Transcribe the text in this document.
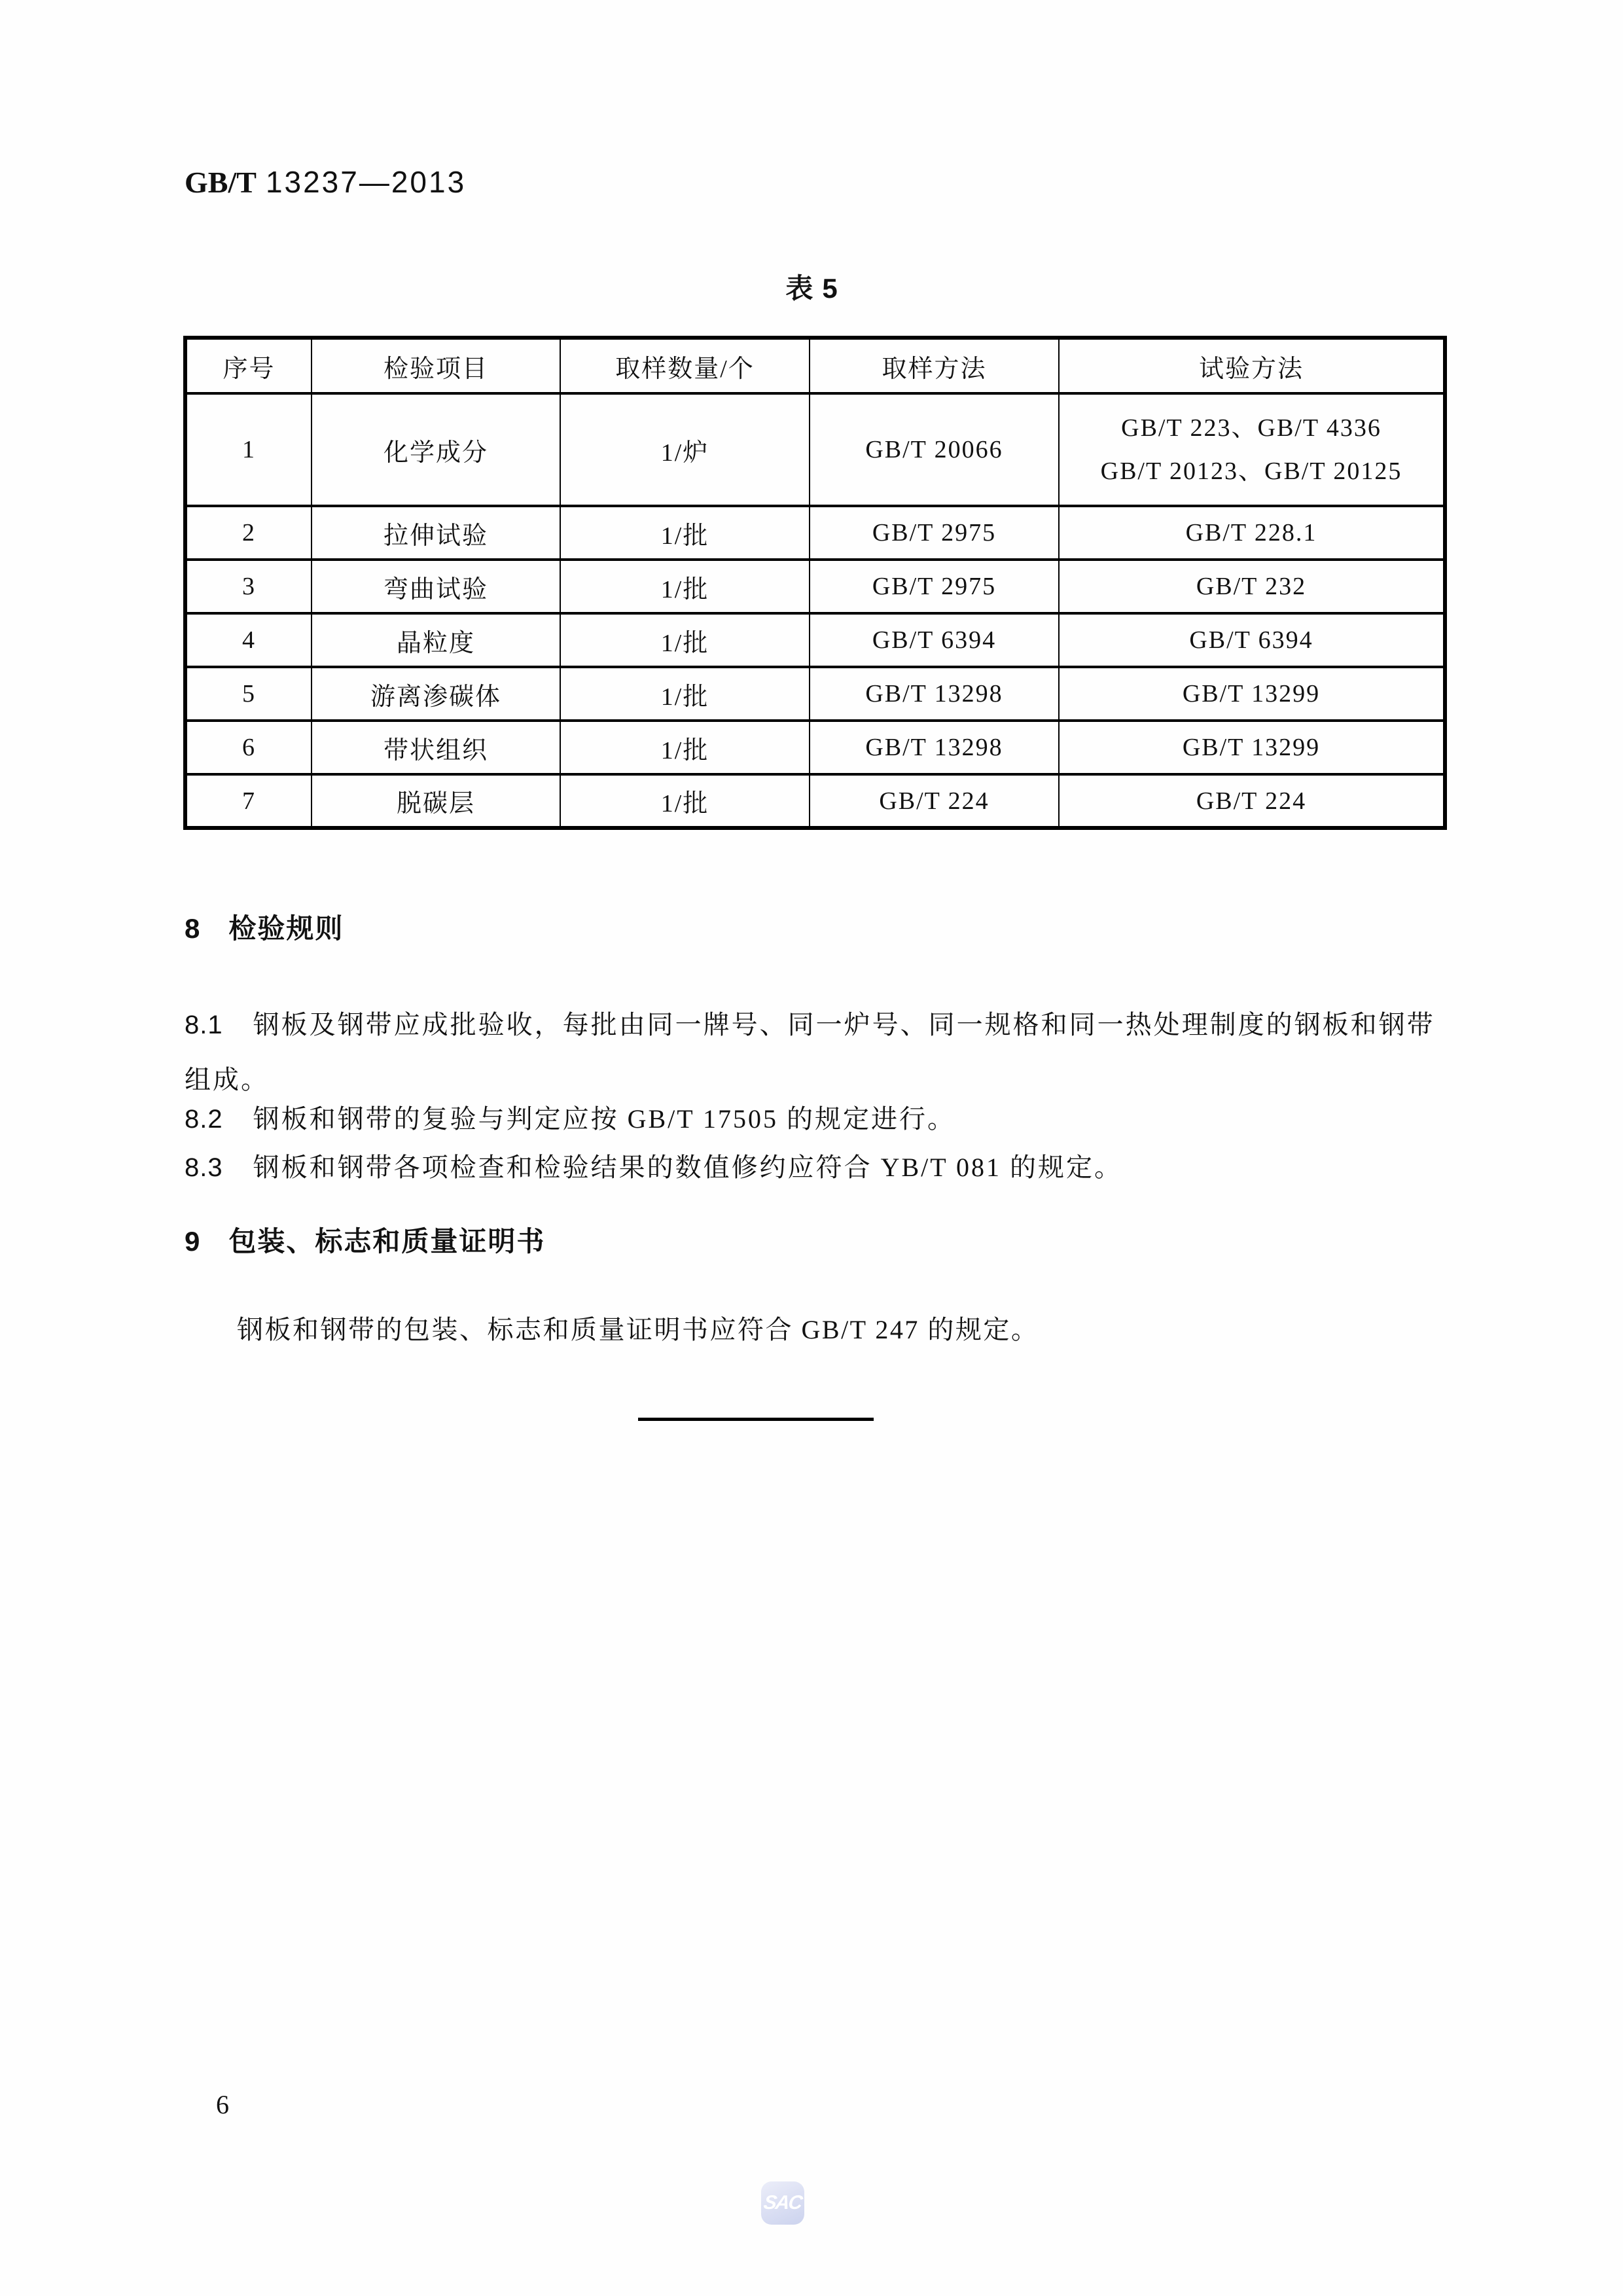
GB/T 13237—2013
表 5
序号	检验项目	取样数量/个	取样方法	试验方法
1	化学成分	1/炉	GB/T 20066	GB/T 223、GB/T 4336
GB/T 20123、GB/T 20125

2	拉伸试验	1/批	GB/T 2975	GB/T 228.1
3	弯曲试验	1/批	GB/T 2975	GB/T 232
4	晶粒度	1/批	GB/T 6394	GB/T 6394
5	游离渗碳体	1/批	GB/T 13298	GB/T 13299
6	带状组织	1/批	GB/T 13298	GB/T 13299
7	脱碳层	1/批	GB/T 224	GB/T 224
8 检验规则
8.1 钢板及钢带应成批验收，每批由同一牌号、同一炉号、同一规格和同一热处理制度的钢板和钢带
组成。
8.2 钢板和钢带的复验与判定应按 GB/T 17505 的规定进行。
8.3 钢板和钢带各项检查和检验结果的数值修约应符合 YB/T 081 的规定。
9 包装、标志和质量证明书
钢板和钢带的包装、标志和质量证明书应符合 GB/T 247 的规定。
6
SAC
